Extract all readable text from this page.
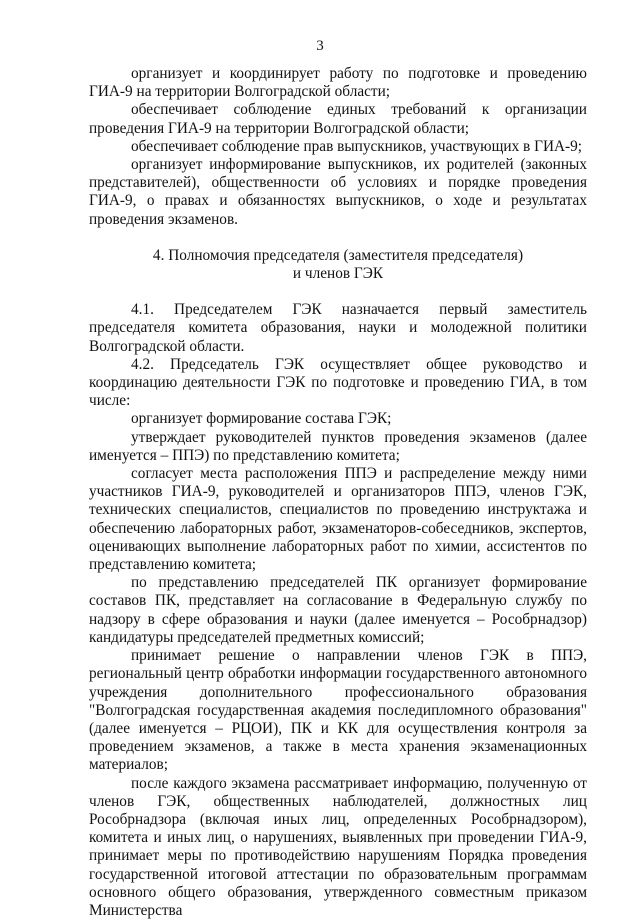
3

организует и координирует работу по подготовке и проведению ГИА-9 на территории Волгоградской области;

обеспечивает соблюдение единых требований к организации проведения ГИА-9 на территории Волгоградской области;

обеспечивает соблюдение прав выпускников, участвующих в ГИА-9;

организует информирование выпускников, их родителей (законных представителей), общественности об условиях и порядке проведения ГИА-9, о правах и обязанностях выпускников, о ходе и результатах проведения экзаменов.

4. Полномочия председателя (заместителя председателя)
и членов ГЭК

4.1. Председателем ГЭК назначается первый заместитель председателя комитета образования, науки и молодежной политики Волгоградской области.

4.2. Председатель ГЭК осуществляет общее руководство и координацию деятельности ГЭК по подготовке и проведению ГИА, в том числе:

организует формирование состава ГЭК;

утверждает руководителей пунктов проведения экзаменов (далее именуется – ППЭ) по представлению комитета;

согласует места расположения ППЭ и распределение между ними участников ГИА-9, руководителей и организаторов ППЭ, членов ГЭК, технических специалистов, специалистов по проведению инструктажа и обеспечению лабораторных работ, экзаменаторов-собеседников, экспертов, оценивающих выполнение лабораторных работ по химии, ассистентов по представлению комитета;

по представлению председателей ПК организует формирование составов ПК, представляет на согласование в Федеральную службу по надзору в сфере образования и науки (далее именуется – Рособрнадзор) кандидатуры председателей предметных комиссий;

принимает решение о направлении членов ГЭК в ППЭ, региональный центр обработки информации государственного автономного учреждения дополнительного профессионального образования "Волгоградская государственная академия последипломного образования" (далее именуется – РЦОИ), ПК и КК для осуществления контроля за проведением экзаменов, а также в места хранения экзаменационных материалов;

после каждого экзамена рассматривает информацию, полученную от членов ГЭК, общественных наблюдателей, должностных лиц Рособрнадзора (включая иных лиц, определенных Рособрнадзором), комитета и иных лиц, о нарушениях, выявленных при проведении ГИА-9, принимает меры по противодействию нарушениям Порядка проведения государственной итоговой аттестации по образовательным программам основного общего образования, утвержденного совместным приказом Министерства
